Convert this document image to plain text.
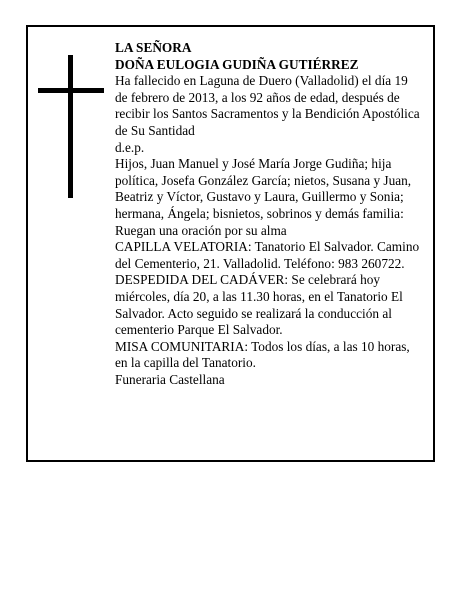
LA SEÑORA

DOÑA EULOGIA GUDIÑA GUTIÉRREZ

Ha fallecido en Laguna de Duero (Valladolid) el día 19 de febrero de 2013, a los 92 años de edad, después de recibir los Santos Sacramentos y la Bendición Apostólica de Su Santidad

d.e.p.

Hijos, Juan Manuel y José María Jorge Gudiña; hija política, Josefa González García; nietos, Susana y Juan, Beatriz y Víctor, Gustavo y Laura, Guillermo y Sonia; hermana, Ángela; bisnietos, sobrinos y demás familia:

Ruegan una oración por su alma

CAPILLA VELATORIA: Tanatorio El Salvador. Camino del Cementerio, 21. Valladolid. Teléfono: 983 260722.

DESPEDIDA DEL CADÁVER: Se celebrará hoy miércoles, día 20, a las 11.30 horas, en el Tanatorio El Salvador. Acto seguido se realizará la conducción al cementerio Parque El Salvador.

MISA COMUNITARIA: Todos los días, a las 10 horas, en la capilla del Tanatorio.

Funeraria Castellana
